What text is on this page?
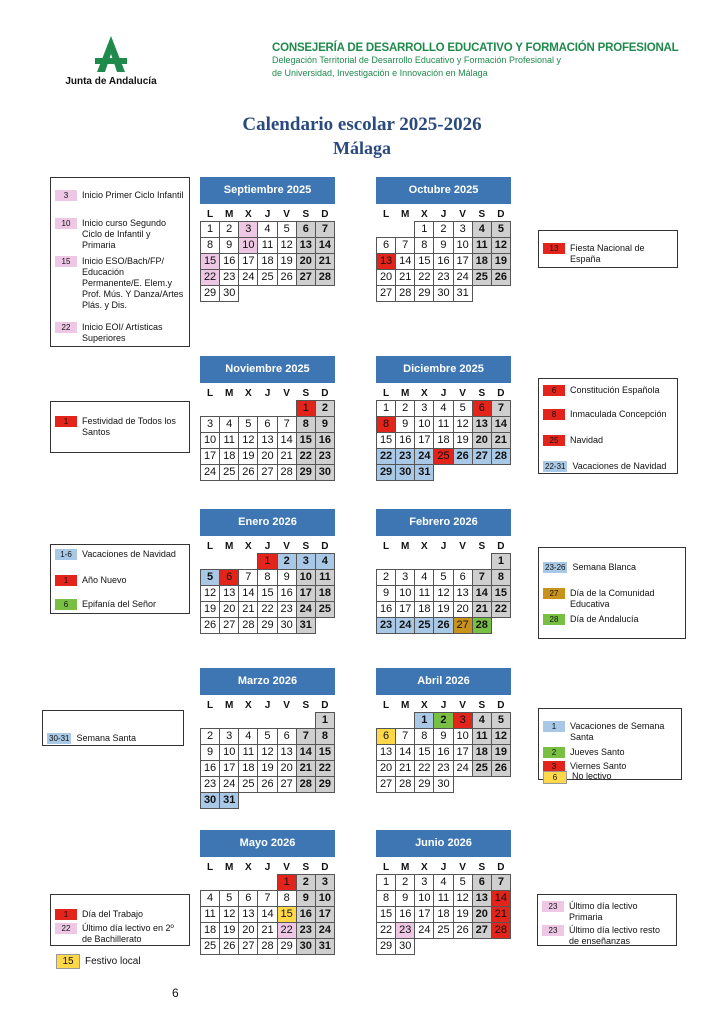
Junta de Andalucía
CONSEJERÍA DE DESARROLLO EDUCATIVO Y FORMACIÓN PROFESIONAL
Delegación Territorial de Desarrollo Educativo y Formación Profesional y
de Universidad, Investigación e Innovación en Málaga
Calendario escolar 2025-2026
Málaga
Septiembre 2025
L	M	X	J	V	S	D
1	2	3	4	5	6	7
8	9	10	11	12	13	14
15	16	17	18	19	20	21
22	23	24	25	26	27	28
29	30					
Octubre 2025
L	M	X	J	V	S	D
		1	2	3	4	5
6	7	8	9	10	11	12
13	14	15	16	17	18	19
20	21	22	23	24	25	26
27	28	29	30	31		
Noviembre 2025
L	M	X	J	V	S	D
					1	2
3	4	5	6	7	8	9
10	11	12	13	14	15	16
17	18	19	20	21	22	23
24	25	26	27	28	29	30
Diciembre 2025
L	M	X	J	V	S	D
1	2	3	4	5	6	7
8	9	10	11	12	13	14
15	16	17	18	19	20	21
22	23	24	25	26	27	28
29	30	31				
Enero 2026
L	M	X	J	V	S	D
			1	2	3	4
5	6	7	8	9	10	11
12	13	14	15	16	17	18
19	20	21	22	23	24	25
26	27	28	29	30	31	
Febrero 2026
L	M	X	J	V	S	D
						1
2	3	4	5	6	7	8
9	10	11	12	13	14	15
16	17	18	19	20	21	22
23	24	25	26	27	28	
Marzo 2026
L	M	X	J	V	S	D
						1
2	3	4	5	6	7	8
9	10	11	12	13	14	15
16	17	18	19	20	21	22
23	24	25	26	27	28	29
30	31					
Abril 2026
L	M	X	J	V	S	D
		1	2	3	4	5
6	7	8	9	10	11	12
13	14	15	16	17	18	19
20	21	22	23	24	25	26
27	28	29	30			
Mayo 2026
L	M	X	J	V	S	D
				1	2	3
4	5	6	7	8	9	10
11	12	13	14	15	16	17
18	19	20	21	22	23	24
25	26	27	28	29	30	31
Junio 2026
L	M	X	J	V	S	D
1	2	3	4	5	6	7
8	9	10	11	12	13	14
15	16	17	18	19	20	21
22	23	24	25	26	27	28
29	30					
3	Inicio Primer Ciclo Infantil
10	Inicio curso Segundo Ciclo de Infantil y Primaria
15	Inicio ESO/Bach/FP/ Educación Permanente/E. Elem.y Prof. Mús. Y Danza/Artes Plás. y Dis.
22	Inicio EOI/ Artísticas Superiores
13	Fiesta Nacional de España
1	Festividad de Todos los Santos
6	Constitución Española
8	Inmaculada Concepción
25	Navidad
22-31 Vacaciones de Navidad
1-6	Vacaciones de Navidad
1	Año Nuevo
6	Epifanía del Señor
23-26 Semana Blanca
27	Día de la Comunidad Educativa
28	Día de Andalucía
30-31 Semana Santa
1	Vacaciones de Semana Santa
2	Jueves Santo
3	Viernes Santo
6	No lectivo
1	Día del Trabajo
22	Último día lectivo en 2º de Bachillerato
23	Último día lectivo Primaria
23	Último día lectivo resto de enseñanzas
15	Festivo local
6
